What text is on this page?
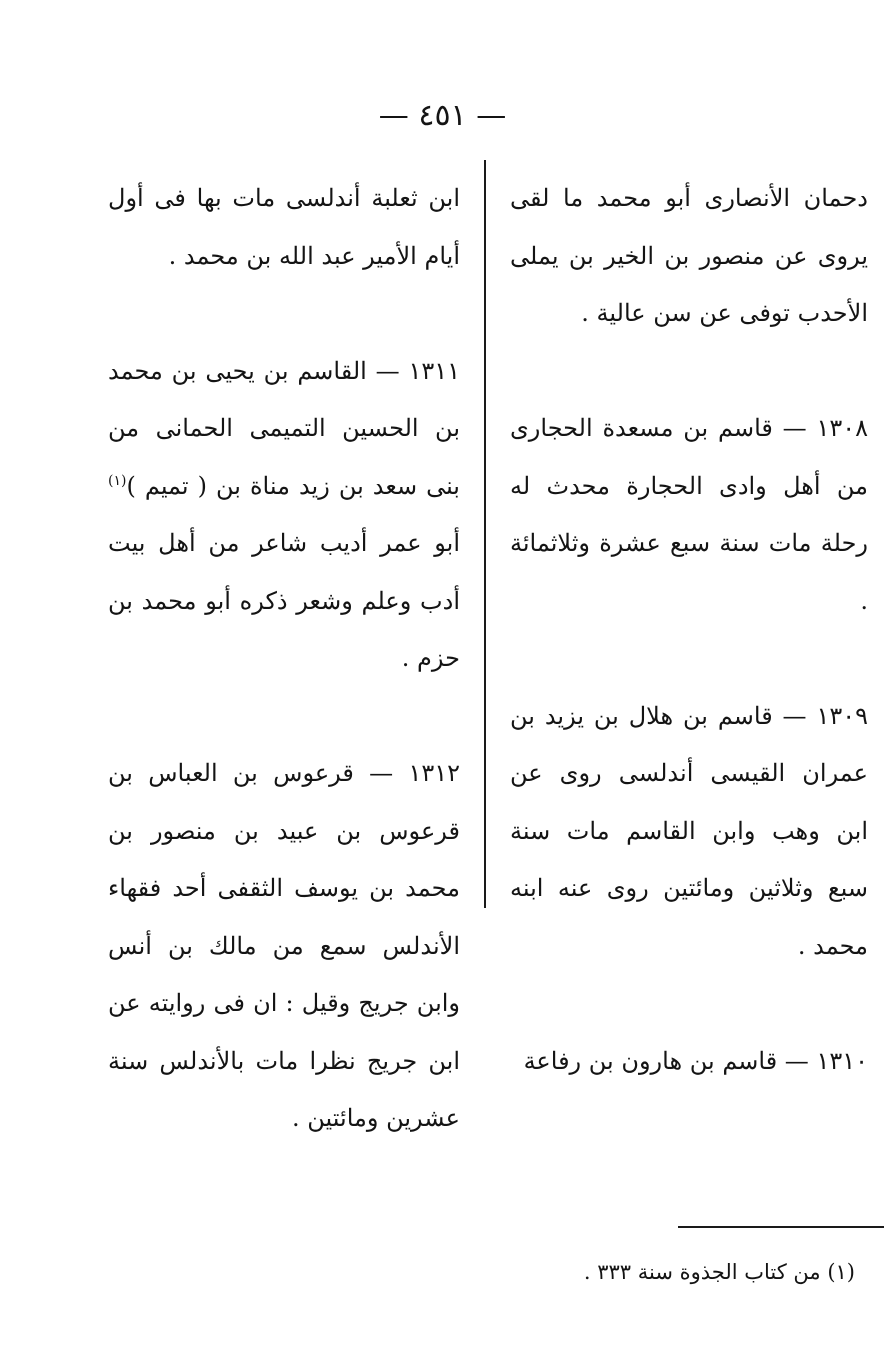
— ٤٥١ —

دحمان الأنصارى أبو محمد ما لقى يروى عن منصور بن الخير بن يملى الأحدب توفى عن سن عالية .

١٣٠٨ — قاسم بن مسعدة الحجارى من أهل وادى الحجارة محدث له رحلة مات سنة سبع عشرة وثلاثمائة .

١٣٠٩ — قاسم بن هلال بن يزيد بن عمران القيسى أندلسى روى عن ابن وهب وابن القاسم مات سنة سبع وثلاثين ومائتين روى عنه ابنه محمد .

١٣١٠ — قاسم بن هارون بن رفاعة

ابن ثعلبة أندلسى مات بها فى أول أيام الأمير عبد الله بن محمد .

١٣١١ — القاسم بن يحيى بن محمد بن الحسين التميمى الحمانى من بنى سعد بن زيد مناة بن ( تميم )$^{(١)}$ أبو عمر أديب شاعر من أهل بيت أدب وعلم وشعر ذكره أبو محمد بن حزم .

١٣١٢ — قرعوس بن العباس بن قرعوس بن عبيد بن منصور بن محمد بن يوسف الثقفى أحد فقهاء الأندلس سمع من مالك بن أنس وابن جريج وقيل : ان فى روايته عن ابن جريج نظرا مات بالأندلس سنة عشرين ومائتين .

(١) من كتاب الجذوة سنة ٣٣٣ .
